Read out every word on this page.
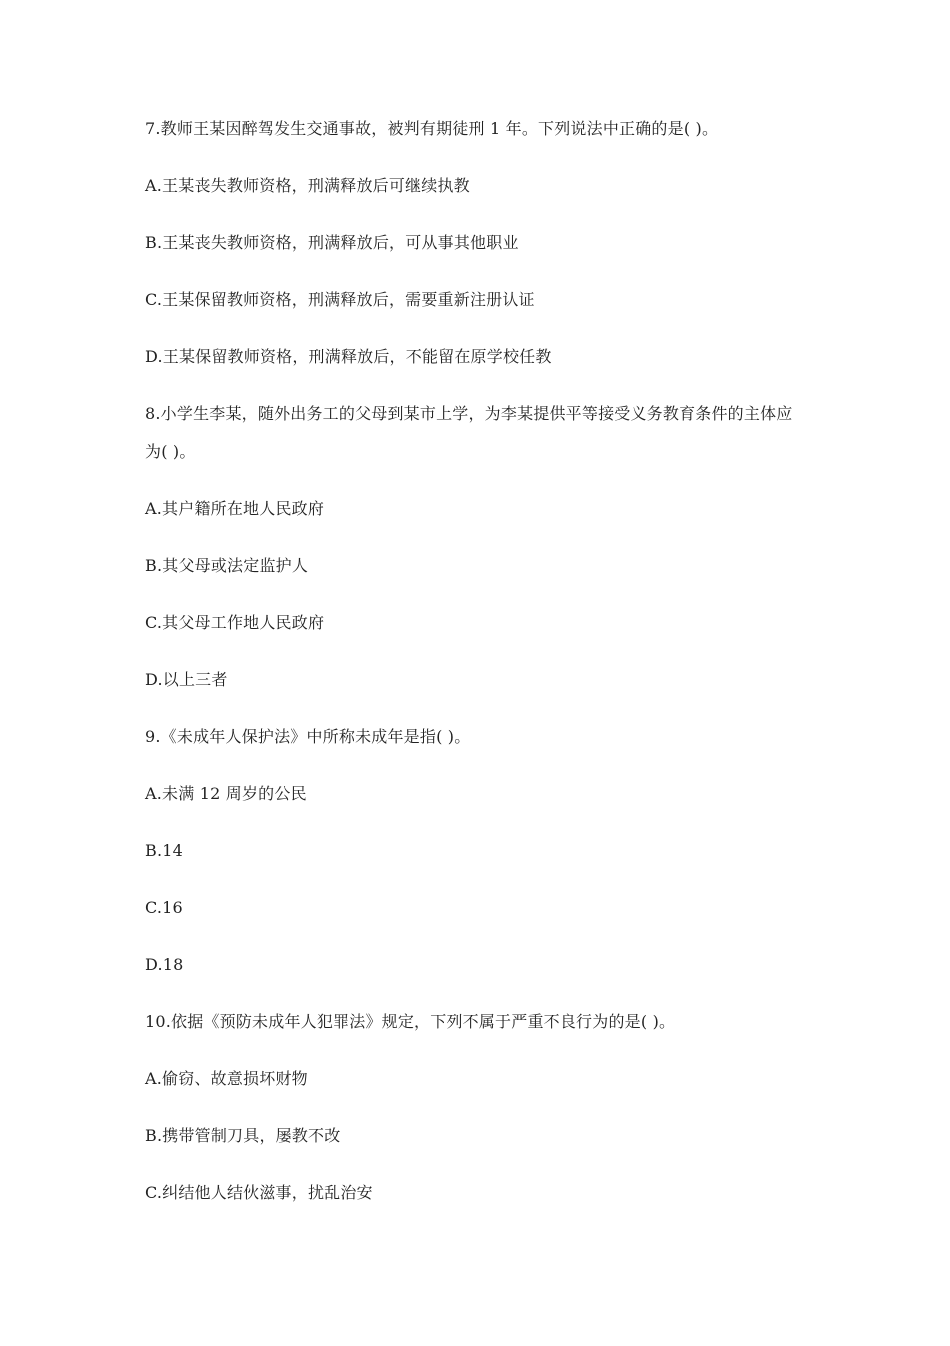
7.教师王某因醉驾发生交通事故，被判有期徒刑 1 年。下列说法中正确的是( )。

A.王某丧失教师资格，刑满释放后可继续执教

B.王某丧失教师资格，刑满释放后，可从事其他职业

C.王某保留教师资格，刑满释放后，需要重新注册认证

D.王某保留教师资格，刑满释放后，不能留在原学校任教

8.小学生李某，随外出务工的父母到某市上学，为李某提供平等接受义务教育条件的主体应

为( )。

A.其户籍所在地人民政府

B.其父母或法定监护人

C.其父母工作地人民政府

D.以上三者

9.《未成年人保护法》中所称未成年是指( )。

A.未满 12 周岁的公民

B.14

C.16

D.18

10.依据《预防未成年人犯罪法》规定，下列不属于严重不良行为的是( )。

A.偷窃、故意损坏财物

B.携带管制刀具，屡教不改

C.纠结他人结伙滋事，扰乱治安
